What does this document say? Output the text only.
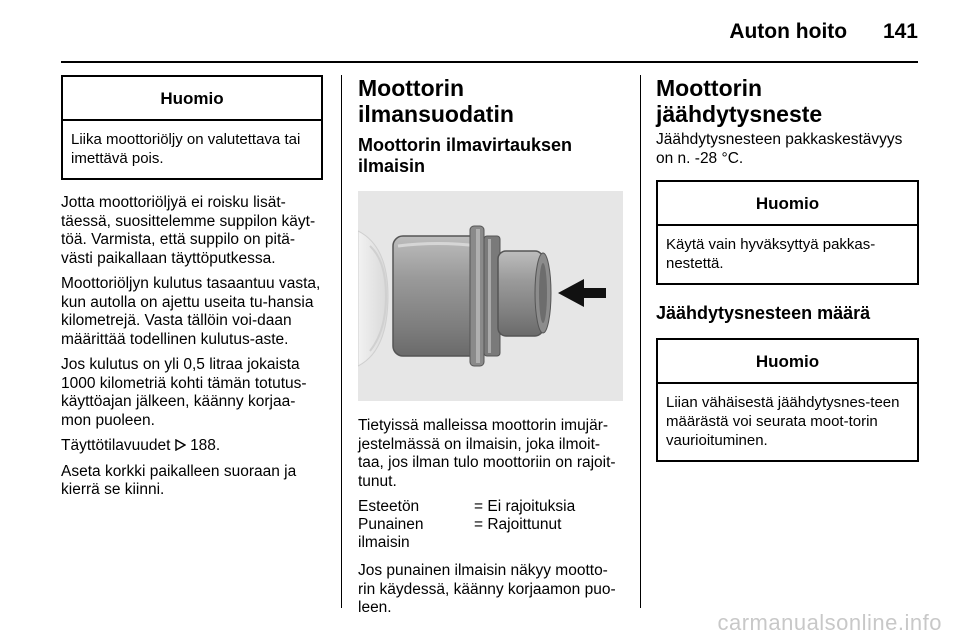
Auton hoito 141
Huomio
Liika moottoriöljy on valutettava tai imettävä pois.

Jotta moottoriöljyä ei roisku lisät-täessä, suosittelemme suppilon käyt-töä. Varmista, että suppilo on pitä-västi paikallaan täyttöputkessa.

Moottoriöljyn kulutus tasaantuu vasta, kun autolla on ajettu useita tu-hansia kilometrejä. Vasta tällöin voi-daan määrittää todellinen kulutus-aste.

Jos kulutus on yli 0,5 litraa jokaista 1000 kilometriä kohti tämän totutus-käyttöajan jälkeen, käänny korjaa-mon puoleen.

Täyttötilavuudet 188.

Aseta korkki paikalleen suoraan ja kierrä se kiinni.

Moottorin ilmansuodatin
Moottorin ilmavirtauksen ilmaisin

Tietyissä malleissa moottorin imujär-jestelmässä on ilmaisin, joka ilmoit-taa, jos ilman tulo moottoriin on rajoit-tunut.

Esteetön	= Ei rajoituksia
Punainen ilmaisin
= Rajoittunut

Jos punainen ilmaisin näkyy mootto-rin käydessä, käänny korjaamon puo-leen.

Moottorin jäähdytysneste

Jäähdytysnesteen pakkaskestävyys on n. -28 °C.

Huomio
Käytä vain hyväksyttyä pakkas-nestettä.
Jäähdytysnesteen määrä
Huomio
Liian vähäisestä jäähdytysnes-teen määrästä voi seurata moot-torin vaurioituminen.
carmanualsonline.info
